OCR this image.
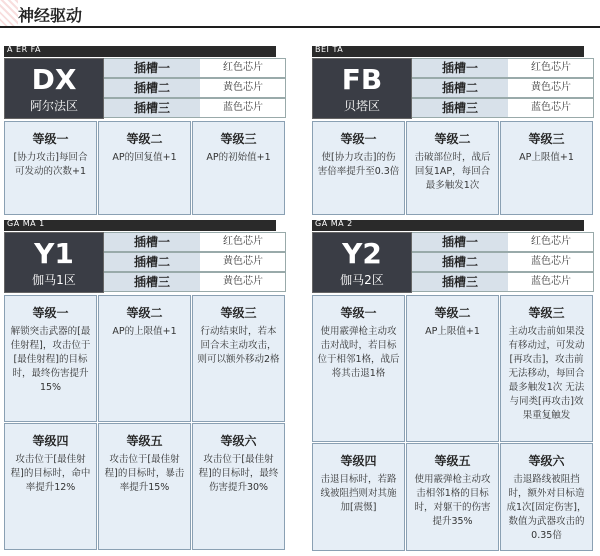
神经驱动
A ER FA
DX
阿尔法区
插槽一	红色芯片
插槽二	黄色芯片
插槽三	蓝色芯片
等级一
[协力攻击]每回合可发动的次数+1
等级二
AP的回复值+1
等级三
AP的初始值+1
BEI TA
FB
贝塔区
插槽一	红色芯片
插槽二	黄色芯片
插槽三	蓝色芯片
等级一
使[协力攻击]的伤害倍率提升至0.3倍
等级二
击破部位时，战后回复1AP，每回合最多触发1次
等级三
AP上限值+1
GA MA 1
Y1
伽马1区
插槽一	红色芯片
插槽二	黄色芯片
插槽三	黄色芯片
等级一
解锁突击武器的[最佳射程]，攻击位于[最佳射程]的目标时，最终伤害提升15%
等级二
AP的上限值+1
等级三
行动结束时，若本回合未主动攻击，则可以额外移动2格
等级四
攻击位于[最佳射程]的目标时，命中率提升12%
等级五
攻击位于[最佳射程]的目标时，暴击率提升15%
等级六
攻击位于[最佳射程]的目标时，最终伤害提升30%
GA MA 2
Y2
伽马2区
插槽一	红色芯片
插槽二	蓝色芯片
插槽三	蓝色芯片
等级一
使用霰弹枪主动攻击对战时，若目标位于相邻1格，战后将其击退1格
等级二
AP上限值+1
等级三
主动攻击前如果没有移动过，可发动[再攻击]，攻击前无法移动，每回合最多触发1次 无法与同类[再攻击]效果重复触发
等级四
击退目标时，若路线被阻挡则对其施加[震慑]
等级五
使用霰弹枪主动攻击相邻1格的目标时，对躯干的伤害提升35%
等级六
击退路线被阻挡时，额外对目标造成1次[固定伤害]，数值为武器攻击的0.35倍
